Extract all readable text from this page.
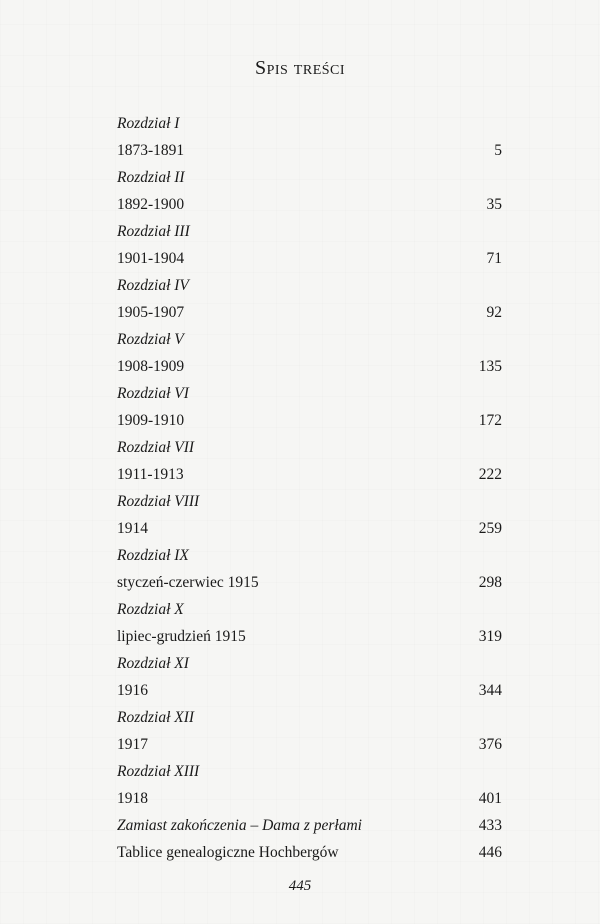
Spis treści
Rozdział I
1873-1891	5
Rozdział II
1892-1900	35
Rozdział III
1901-1904	71
Rozdział IV
1905-1907	92
Rozdział V
1908-1909	135
Rozdział VI
1909-1910	172
Rozdział VII
1911-1913	222
Rozdział VIII
1914	259
Rozdział IX
styczeń-czerwiec 1915	298
Rozdział X
lipiec-grudzień 1915	319
Rozdział XI
1916	344
Rozdział XII
1917	376
Rozdział XIII
1918	401
Zamiast zakończenia – Dama z perłami	433
Tablice genealogiczne Hochbergów	446
445
